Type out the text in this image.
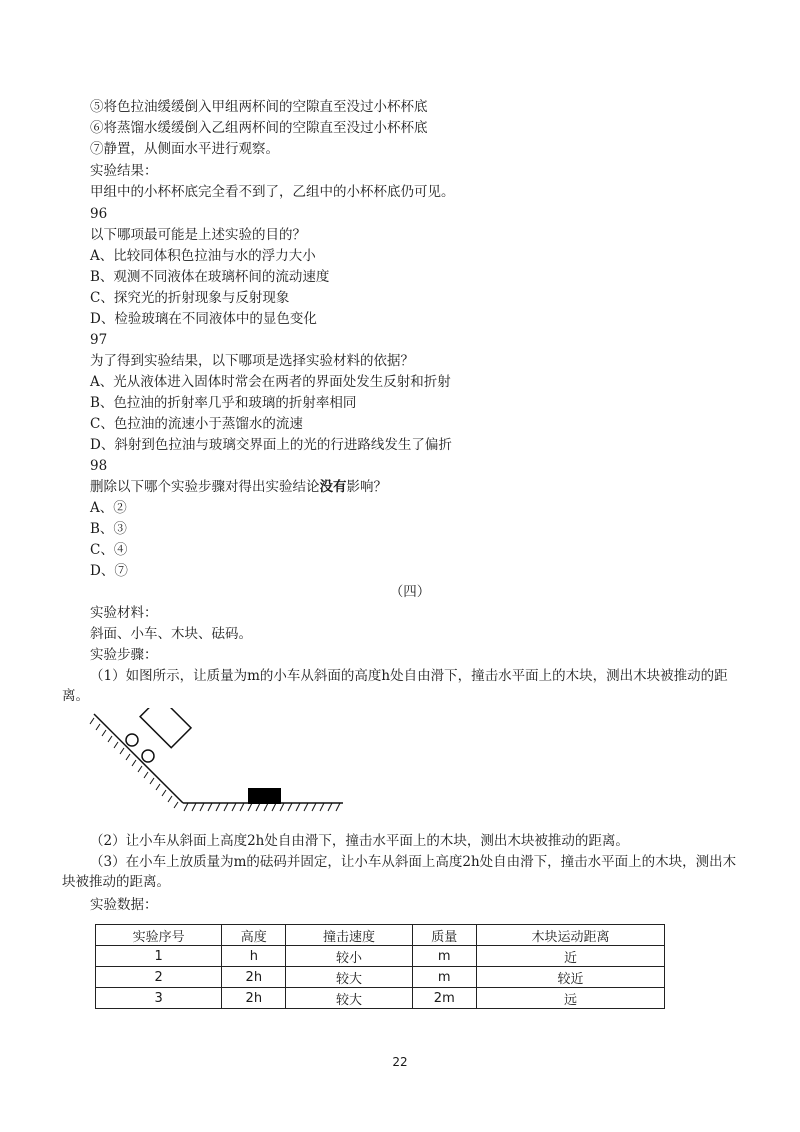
⑤将色拉油缓缓倒入甲组两杯间的空隙直至没过小杯杯底
⑥将蒸馏水缓缓倒入乙组两杯间的空隙直至没过小杯杯底
⑦静置，从侧面水平进行观察。
实验结果：
甲组中的小杯杯底完全看不到了，乙组中的小杯杯底仍可见。
96
以下哪项最可能是上述实验的目的？
A、比较同体积色拉油与水的浮力大小
B、观测不同液体在玻璃杯间的流动速度
C、探究光的折射现象与反射现象
D、检验玻璃在不同液体中的显色变化
97
为了得到实验结果，以下哪项是选择实验材料的依据？
A、光从液体进入固体时常会在两者的界面处发生反射和折射
B、色拉油的折射率几乎和玻璃的折射率相同
C、色拉油的流速小于蒸馏水的流速
D、斜射到色拉油与玻璃交界面上的光的行进路线发生了偏折
98
删除以下哪个实验步骤对得出实验结论没有影响？
A、②
B、③
C、④
D、⑦
（四）
实验材料：
斜面、小车、木块、砝码。
实验步骤：
（1）如图所示，让质量为m的小车从斜面的高度h处自由滑下，撞击水平面上的木块，测出木块被推动的距离。
（2）让小车从斜面上高度2h处自由滑下，撞击水平面上的木块，测出木块被推动的距离。
（3）在小车上放质量为m的砝码并固定，让小车从斜面上高度2h处自由滑下，撞击水平面上的木块，测出木块被推动的距离。
实验数据：
实验序号	高度	撞击速度	质量	木块运动距离
1	h	较小	m	近
2	2h	较大	m	较近
3	2h	较大	2m	远
22
